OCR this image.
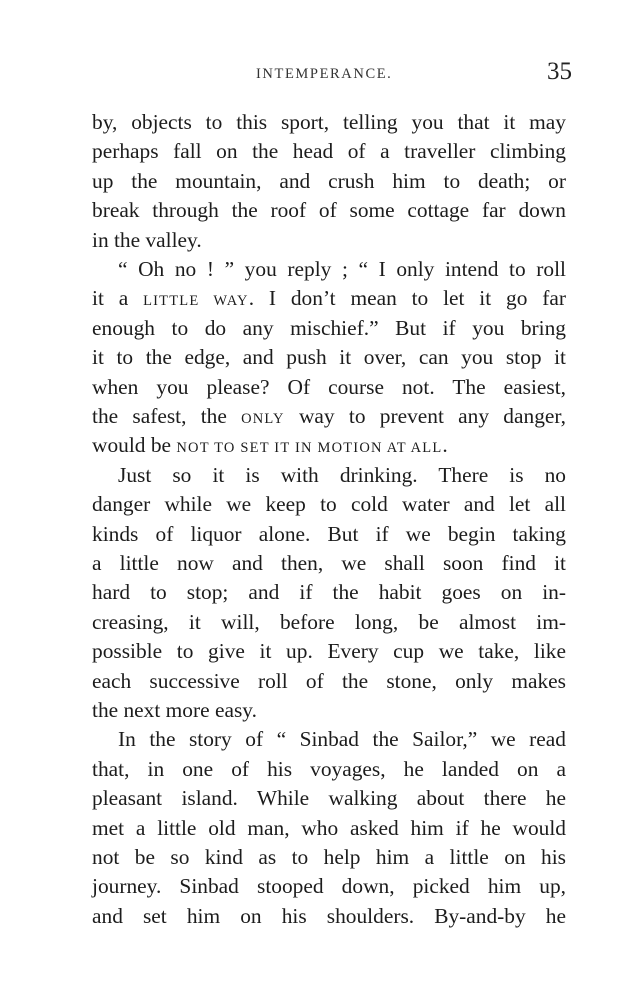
INTEMPERANCE.	35
by, objects to this sport, telling you that it may
perhaps fall on the head of a traveller climbing
up the mountain, and crush him to death; or
break through the roof of some cottage far down
in the valley.
“ Oh no ! ” you reply ; “ I only intend to roll
it a LITTLE WAY. I don’t mean to let it go far
enough to do any mischief.” But if you bring
it to the edge, and push it over, can you stop it
when you please? Of course not. The easiest,
the safest, the ONLY way to prevent any danger,
would be NOT TO SET IT IN MOTION AT ALL.
Just so it is with drinking. There is no
danger while we keep to cold water and let all
kinds of liquor alone. But if we begin taking
a little now and then, we shall soon find it
hard to stop; and if the habit goes on in-
creasing, it will, before long, be almost im-
possible to give it up. Every cup we take, like
each successive roll of the stone, only makes
the next more easy.
In the story of “ Sinbad the Sailor,” we read
that, in one of his voyages, he landed on a
pleasant island. While walking about there he
met a little old man, who asked him if he would
not be so kind as to help him a little on his
journey. Sinbad stooped down, picked him up,
and set him on his shoulders. By-and-by he
